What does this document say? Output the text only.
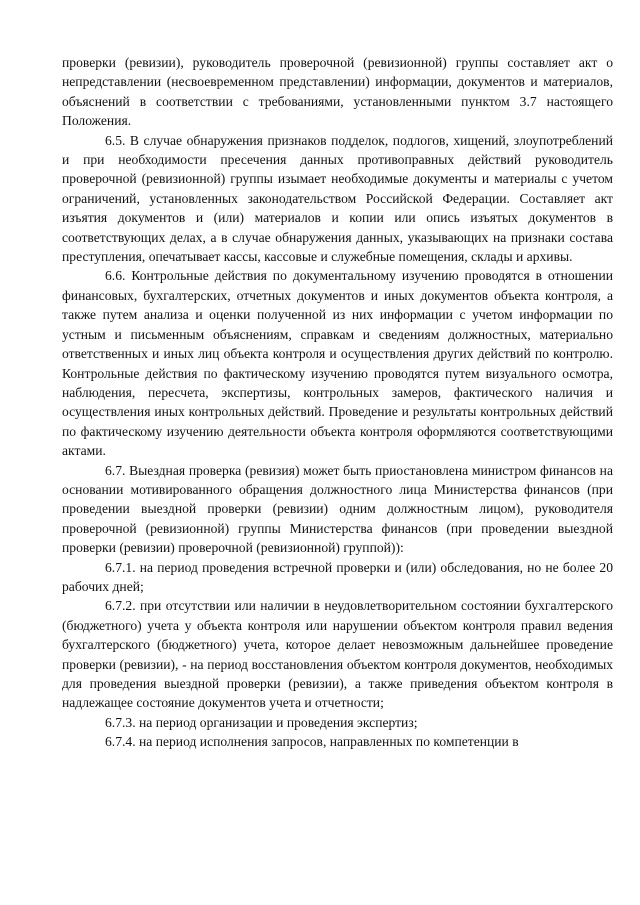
проверки (ревизии), руководитель проверочной (ревизионной) группы составляет акт о непредставлении (несвоевременном представлении) информации, документов и материалов, объяснений в соответствии с требованиями, установленными пунктом 3.7 настоящего Положения.

6.5. В случае обнаружения признаков подделок, подлогов, хищений, злоупотреблений и при необходимости пресечения данных противоправных действий руководитель проверочной (ревизионной) группы изымает необходимые документы и материалы с учетом ограничений, установленных законодательством Российской Федерации. Составляет акт изъятия документов и (или) материалов и копии или опись изъятых документов в соответствующих делах, а в случае обнаружения данных, указывающих на признаки состава преступления, опечатывает кассы, кассовые и служебные помещения, склады и архивы.

6.6. Контрольные действия по документальному изучению проводятся в отношении финансовых, бухгалтерских, отчетных документов и иных документов объекта контроля, а также путем анализа и оценки полученной из них информации с учетом информации по устным и письменным объяснениям, справкам и сведениям должностных, материально ответственных и иных лиц объекта контроля и осуществления других действий по контролю. Контрольные действия по фактическому изучению проводятся путем визуального осмотра, наблюдения, пересчета, экспертизы, контрольных замеров, фактического наличия и осуществления иных контрольных действий. Проведение и результаты контрольных действий по фактическому изучению деятельности объекта контроля оформляются соответствующими актами.

6.7. Выездная проверка (ревизия) может быть приостановлена министром финансов на основании мотивированного обращения должностного лица Министерства финансов (при проведении выездной проверки (ревизии) одним должностным лицом), руководителя проверочной (ревизионной) группы Министерства финансов (при проведении выездной проверки (ревизии) проверочной (ревизионной) группой)):

6.7.1. на период проведения встречной проверки и (или) обследования, но не более 20 рабочих дней;

6.7.2. при отсутствии или наличии в неудовлетворительном состоянии бухгалтерского (бюджетного) учета у объекта контроля или нарушении объектом контроля правил ведения бухгалтерского (бюджетного) учета, которое делает невозможным дальнейшее проведение проверки (ревизии), - на период восстановления объектом контроля документов, необходимых для проведения выездной проверки (ревизии), а также приведения объектом контроля в надлежащее состояние документов учета и отчетности;

6.7.3. на период организации и проведения экспертиз;

6.7.4. на период исполнения запросов, направленных по компетенции в
